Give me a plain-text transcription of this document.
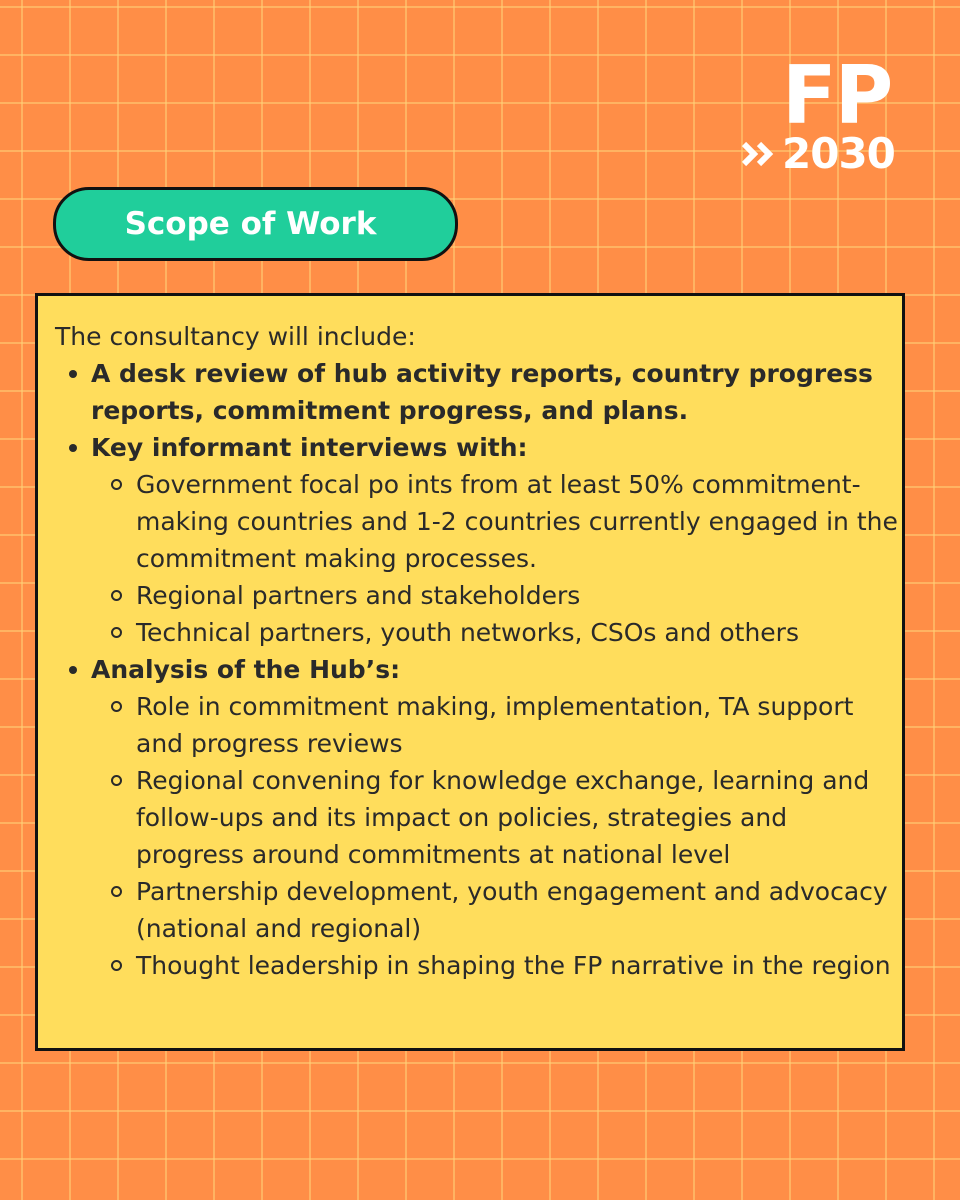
FP
2030
Scope of Work

The consultancy will include:

A desk review of hub activity reports, country progress reports, commitment progress, and plans.
Key informant interviews with:
Government focal po ints from at least 50% commitment-making countries and 1-2 countries currently engaged in the commitment making processes.
Regional partners and stakeholders
Technical partners, youth networks, CSOs and others
Analysis of the Hub’s:
Role in commitment making, implementation, TA support and progress reviews
Regional convening for knowledge exchange, learning and follow-ups and its impact on policies, strategies and progress around commitments at national level
Partnership development, youth engagement and advocacy (national and regional)
Thought leadership in shaping the FP narrative in the region
